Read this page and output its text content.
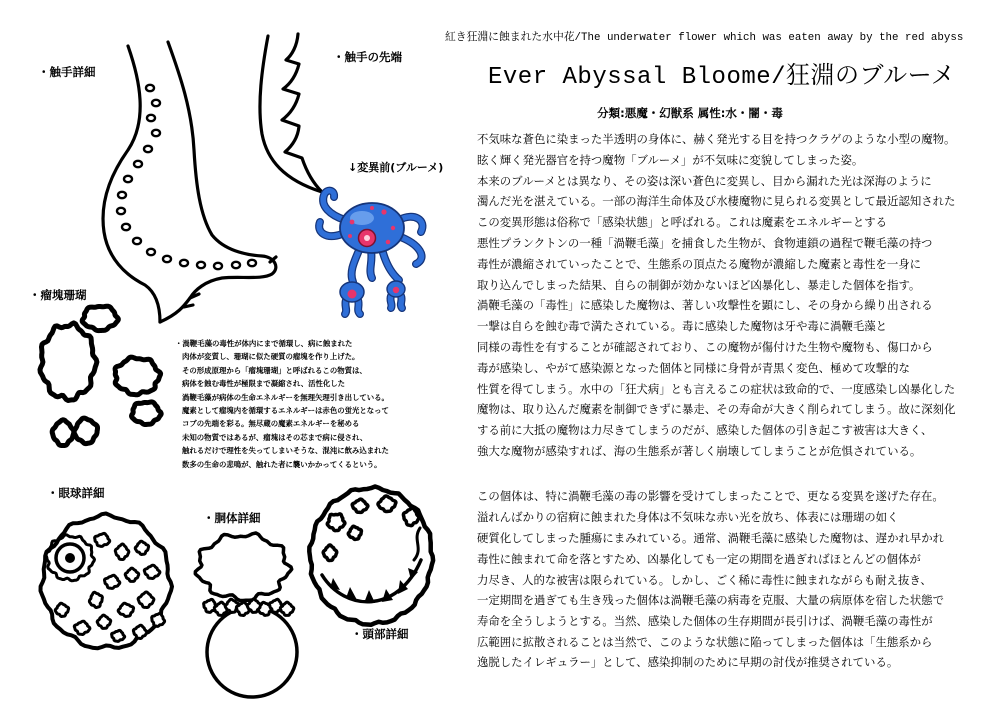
・触手詳細
・触手の先端
↓変異前(ブルーメ)
・瘤塊珊瑚
・眼球詳細
・胴体詳細
・頭部詳細
・渦鞭毛藻の毒性が体内にまで循環し、病に蝕まれた
肉体が変質し、珊瑚に似た硬質の瘤塊を作り上げた。
その形成原理から「瘤塊珊瑚」と呼ばれるこの物質は、
病体を蝕む毒性が極限まで凝縮され、活性化した
渦鞭毛藻が病体の生命エネルギーを無理矢理引き出している。
魔素として瘤塊内を循環するエネルギーは赤色の蛍光となって
コブの先端を彩る。無尽蔵の魔素エネルギーを秘める
未知の物質ではあるが、瘤塊はその芯まで病に侵され、
触れるだけで理性を失ってしまいそうな、混沌に飲み込まれた
数多の生命の悲鳴が、触れた者に襲いかかってくるという。
紅き狂淵に蝕まれた水中花/The underwater flower which was eaten away by the red abyss
Ever Abyssal Bloome/狂淵のブルーメ
分類:悪魔・幻獣系 属性:水・闇・毒
不気味な蒼色に染まった半透明の身体に、赫く発光する目を持つクラゲのような小型の魔物。
眩く輝く発光器官を持つ魔物「ブルーメ」が不気味に変貌してしまった姿。
本来のブルーメとは異なり、その姿は深い蒼色に変異し、目から漏れた光は深海のように
濁んだ光を湛えている。一部の海洋生命体及び水棲魔物に見られる変異として最近認知された
この変異形態は俗称で「感染状態」と呼ばれる。これは魔素をエネルギーとする
悪性プランクトンの一種「渦鞭毛藻」を捕食した生物が、食物連鎖の過程で鞭毛藻の持つ
毒性が濃縮されていったことで、生態系の頂点たる魔物が濃縮した魔素と毒性を一身に
取り込んでしまった結果、自らの制御が効かないほど凶暴化し、暴走した個体を指す。
渦鞭毛藻の「毒性」に感染した魔物は、著しい攻撃性を顕にし、その身から繰り出される
一撃は自らを蝕む毒で満たされている。毒に感染した魔物は牙や毒に渦鞭毛藻と
同様の毒性を有することが確認されており、この魔物が傷付けた生物や魔物も、傷口から
毒が感染し、やがて感染源となった個体と同様に身骨が青黒く変色、極めて攻撃的な
性質を得てしまう。水中の「狂犬病」とも言えるこの症状は致命的で、一度感染し凶暴化した
魔物は、取り込んだ魔素を制御できずに暴走、その寿命が大きく削られてしまう。故に深刻化
する前に大抵の魔物は力尽きてしまうのだが、感染した個体の引き起こす被害は大きく、
強大な魔物が感染すれば、海の生態系が著しく崩壊してしまうことが危惧されている。
この個体は、特に渦鞭毛藻の毒の影響を受けてしまったことで、更なる変異を遂げた存在。
溢れんばかりの宿痾に蝕まれた身体は不気味な赤い光を放ち、体表には珊瑚の如く
硬質化してしまった腫瘍にまみれている。通常、渦鞭毛藻に感染した魔物は、遅かれ早かれ
毒性に蝕まれて命を落とすため、凶暴化しても一定の期間を過ぎればほとんどの個体が
力尽き、人的な被害は限られている。しかし、ごく稀に毒性に蝕まれながらも耐え抜き、
一定期間を過ぎても生き残った個体は渦鞭毛藻の病毒を克服、大量の病原体を宿した状態で
寿命を全うしようとする。当然、感染した個体の生存期間が長引けば、渦鞭毛藻の毒性が
広範囲に拡散されることは当然で、このような状態に陥ってしまった個体は「生態系から
逸脱したイレギュラー」として、感染抑制のために早期の討伐が推奨されている。
